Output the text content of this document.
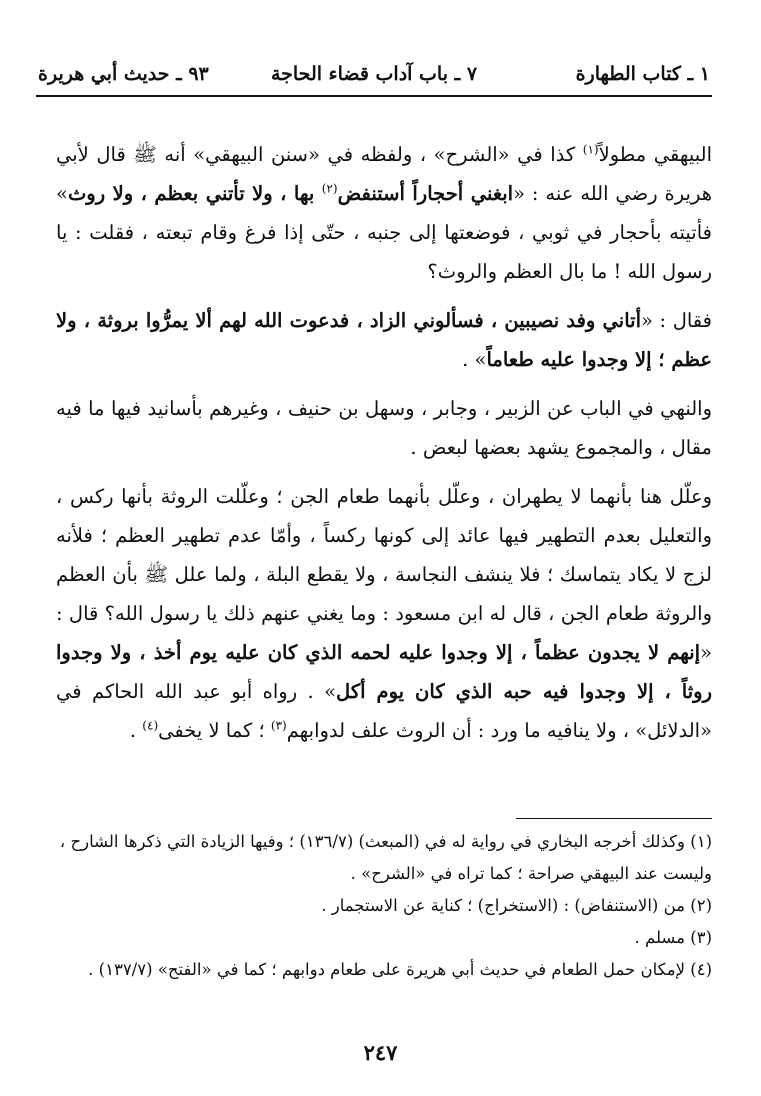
١ ـ كتاب الطهارة
٧ ـ باب آداب قضاء الحاجة
٩٣ ـ حديث أبي هريرة

البيهقي مطولاً$^{(١)}$ كذا في «الشرح» ، ولفظه في «سنن البيهقي» أنه ﷺ قال لأبي هريرة رضي الله عنه : «ابغني أحجاراً أستنفض$^{(٢)}$ بها ، ولا تأتني بعظم ، ولا روث» فأتيته بأحجار في ثوبي ، فوضعتها إلى جنبه ، حتّى إذا فرغ وقام تبعته ، فقلت : يا رسول الله ! ما بال العظم والروث؟

فقال : «أتاني وفد نصيبين ، فسألوني الزاد ، فدعوت الله لهم ألا يمرُّوا بروثة ، ولا عظم ؛ إلا وجدوا عليه طعاماً» .

والنهي في الباب عن الزبير ، وجابر ، وسهل بن حنيف ، وغيرهم بأسانيد فيها ما فيه مقال ، والمجموع يشهد بعضها لبعض .

وعلّل هنا بأنهما لا يطهران ، وعلّل بأنهما طعام الجن ؛ وعلّلت الروثة بأنها ركس ، والتعليل بعدم التطهير فيها عائد إلى كونها ركساً ، وأمّا عدم تطهير العظم ؛ فلأنه لزج لا يكاد يتماسك ؛ فلا ينشف النجاسة ، ولا يقطع البلة ، ولما علل ﷺ بأن العظم والروثة طعام الجن ، قال له ابن مسعود : وما يغني عنهم ذلك يا رسول الله؟ قال : «إنهم لا يجدون عظماً ، إلا وجدوا عليه لحمه الذي كان عليه يوم أخذ ، ولا وجدوا روثاً ، إلا وجدوا فيه حبه الذي كان يوم أكل» . رواه أبو عبد الله الحاكم في «الدلائل» ، ولا ينافيه ما ورد : أن الروث علف لدوابهم$^{(٣)}$ ؛ كما لا يخفى$^{(٤)}$ .

(١) وكذلك أخرجه البخاري في رواية له في (المبعث) (١٣٦/٧) ؛ وفيها الزيادة التي ذكرها الشارح ، وليست عند البيهقي صراحة ؛ كما تراه في «الشرح» .

(٢) من (الاستنفاض) : (الاستخراج) ؛ كناية عن الاستجمار .

(٣) مسلم .

(٤) لإمكان حمل الطعام في حديث أبي هريرة على طعام دوابهم ؛ كما في «الفتح» (١٣٧/٧) .

٢٤٧
